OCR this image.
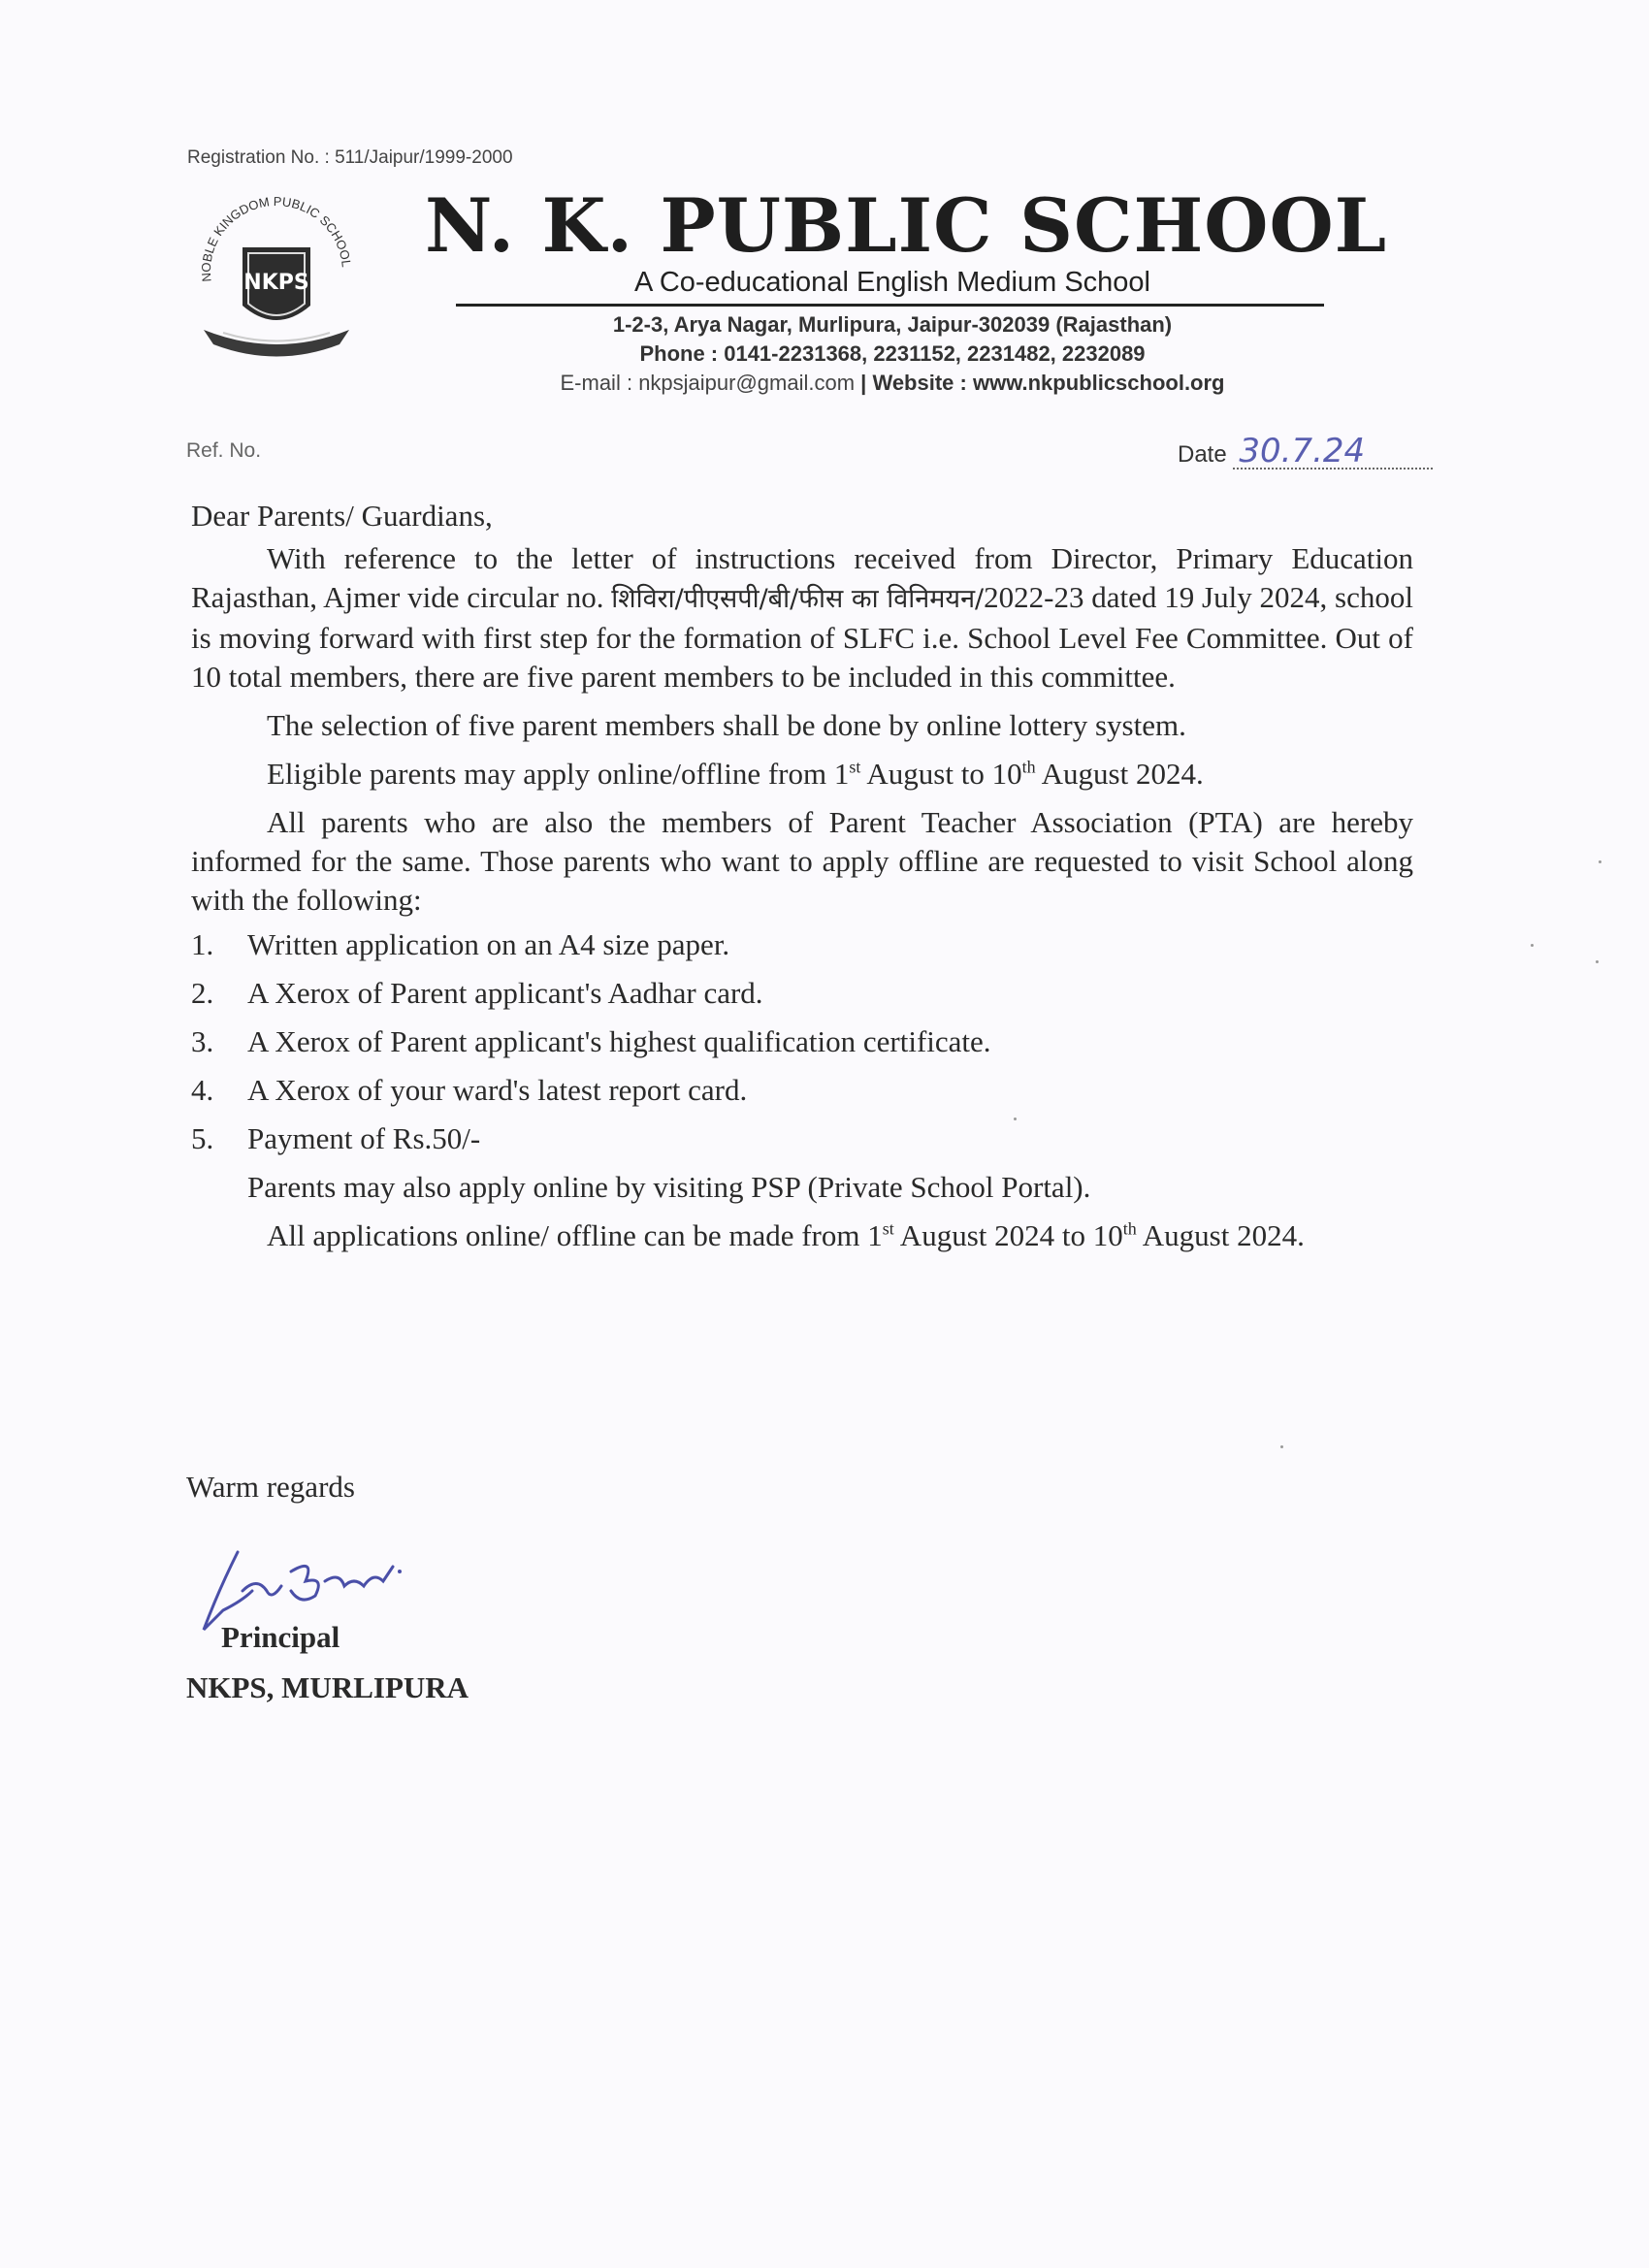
Registration No. : 511/Jaipur/1999-2000
NOBLE KINGDOM PUBLIC SCHOOL
NKPS
N. K. PUBLIC SCHOOL
A Co-educational English Medium School
1-2-3, Arya Nagar, Murlipura, Jaipur-302039 (Rajasthan)
Phone : 0141-2231368, 2231152, 2231482, 2232089
E-mail : nkpsjaipur@gmail.com | Website : www.nkpublicschool.org
Ref. No.	Date 30.7.24

Dear Parents/ Guardians,

With reference to the letter of instructions received from Director, Primary Education Rajasthan, Ajmer vide circular no. शिविरा/पीएसपी/बी/फीस का विनिमयन/2022-23 dated 19 July 2024, school is moving forward with first step for the formation of SLFC i.e. School Level Fee Committee. Out of 10 total members, there are five parent members to be included in this committee.

The selection of five parent members shall be done by online lottery system.

Eligible parents may apply online/offline from 1st August to 10th August 2024.

All parents who are also the members of Parent Teacher Association (PTA) are hereby informed for the same. Those parents who want to apply offline are requested to visit School along with the following:

1.	Written application on an A4 size paper.
2.	A Xerox of Parent applicant's Aadhar card.
3.	A Xerox of Parent applicant's highest qualification certificate.
4.	A Xerox of your ward's latest report card.
5.	Payment of Rs.50/-

Parents may also apply online by visiting PSP (Private School Portal).

All applications online/ offline can be made from 1st August 2024 to 10th August 2024.

Warm regards
Principal
NKPS, MURLIPURA
